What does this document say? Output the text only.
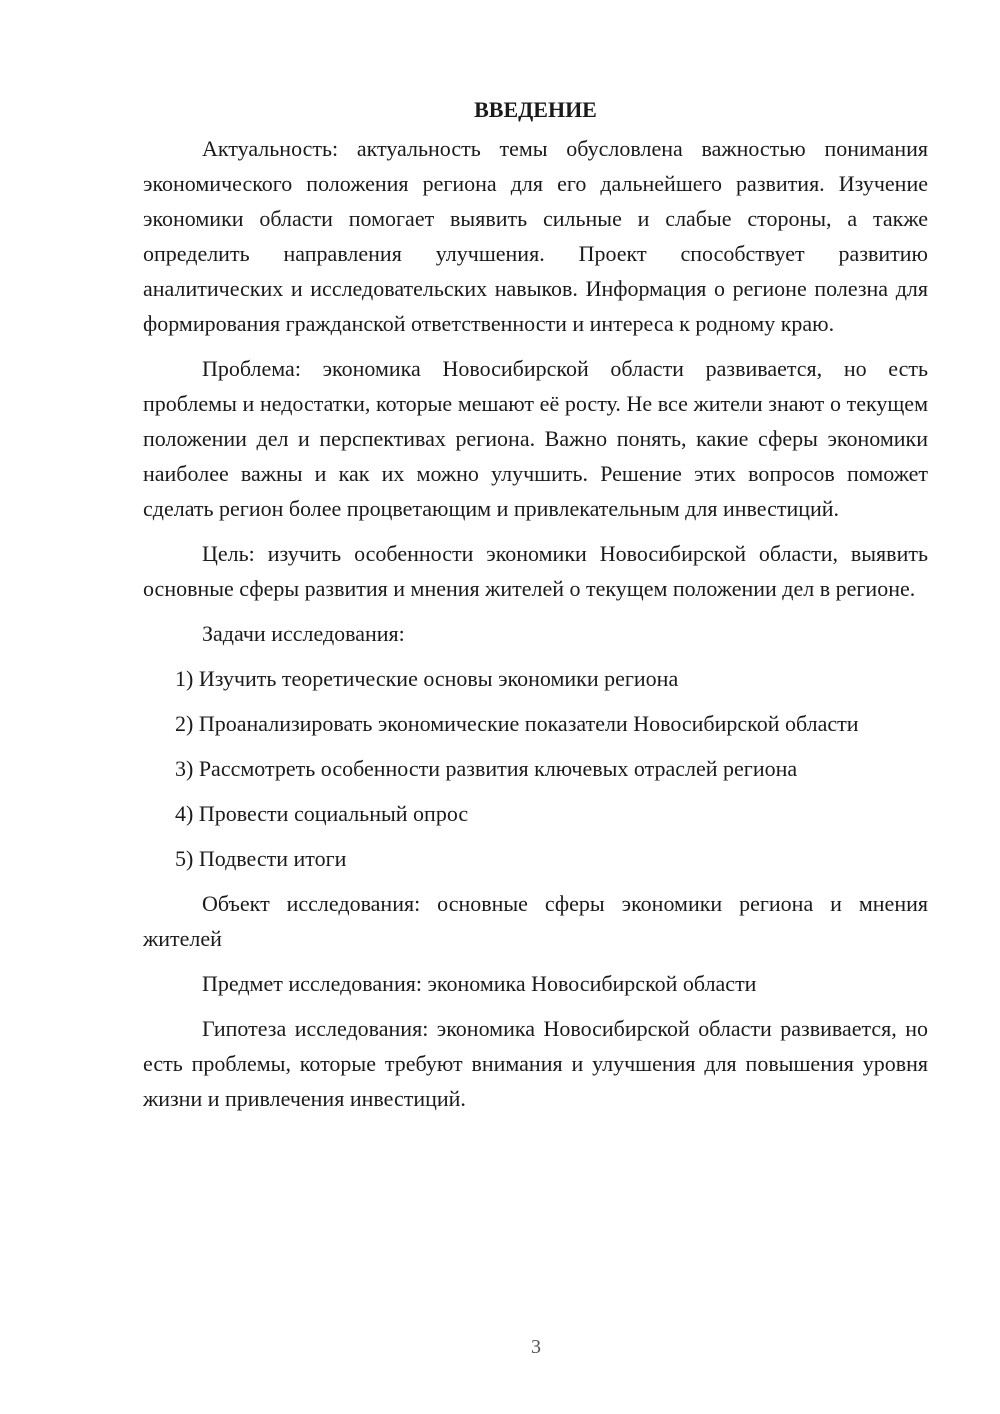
ВВЕДЕНИЕ

Актуальность: актуальность темы обусловлена важностью понимания экономического положения региона для его дальнейшего развития. Изучение экономики области помогает выявить сильные и слабые стороны, а также определить направления улучшения. Проект способствует развитию аналитических и исследовательских навыков. Информация о регионе полезна для формирования гражданской ответственности и интереса к родному краю.

Проблема: экономика Новосибирской области развивается, но есть проблемы и недостатки, которые мешают её росту. Не все жители знают о текущем положении дел и перспективах региона. Важно понять, какие сферы экономики наиболее важны и как их можно улучшить. Решение этих вопросов поможет сделать регион более процветающим и привлекательным для инвестиций.

Цель: изучить особенности экономики Новосибирской области, выявить основные сферы развития и мнения жителей о текущем положении дел в регионе.

Задачи исследования:

1) Изучить теоретические основы экономики региона

2) Проанализировать экономические показатели Новосибирской области

3) Рассмотреть особенности развития ключевых отраслей региона

4) Провести социальный опрос

5) Подвести итоги

Объект исследования: основные сферы экономики региона и мнения жителей

Предмет исследования: экономика Новосибирской области

Гипотеза исследования: экономика Новосибирской области развивается, но есть проблемы, которые требуют внимания и улучшения для повышения уровня жизни и привлечения инвестиций.

3
